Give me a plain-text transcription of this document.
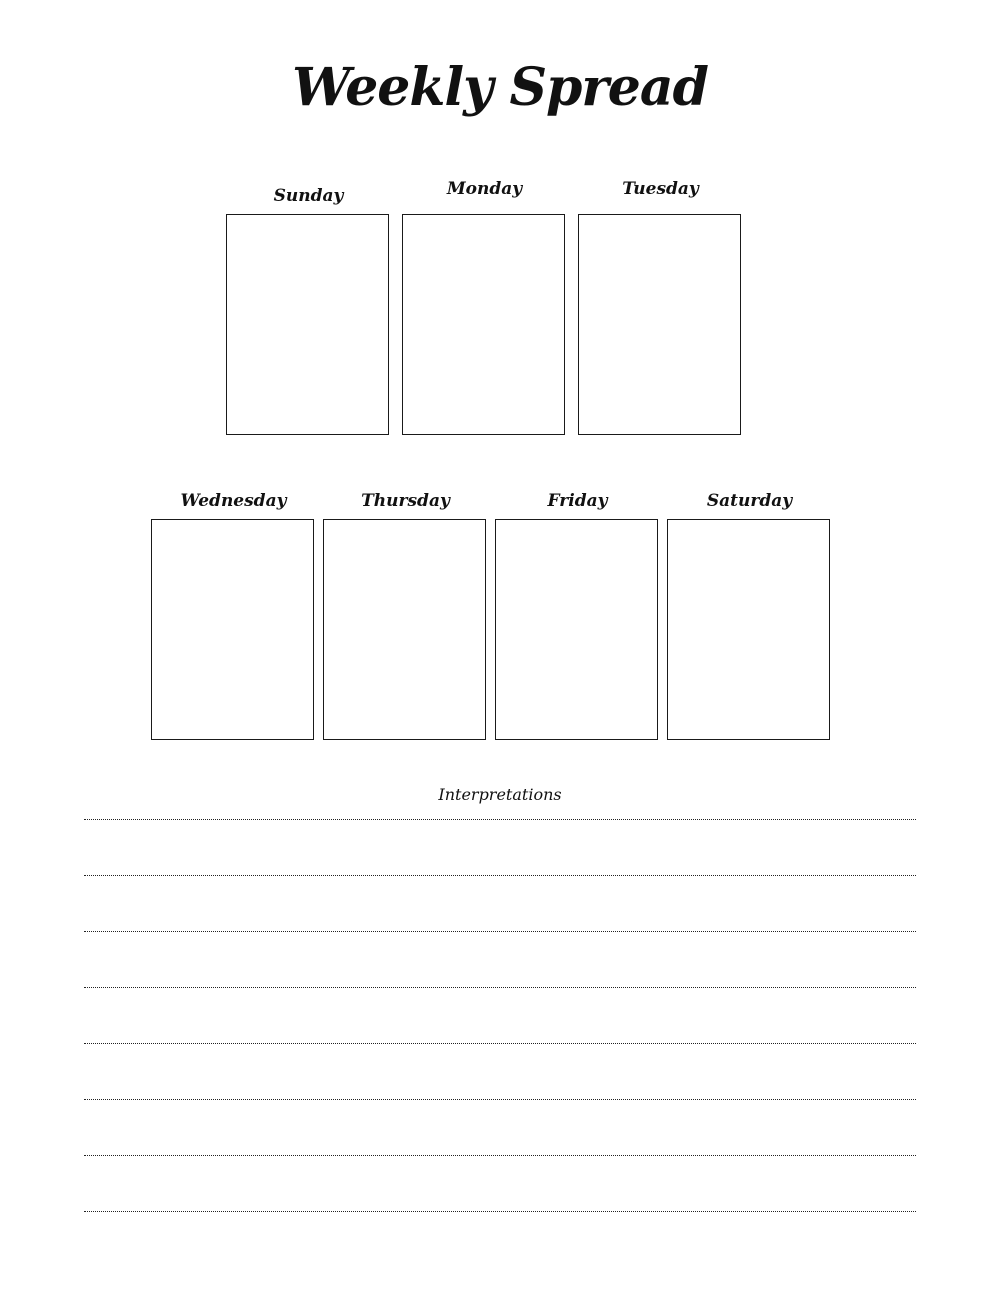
Weekly Spread
Sunday	Monday	Tuesday
Wednesday	Thursday	Friday	Saturday
Interpretations
